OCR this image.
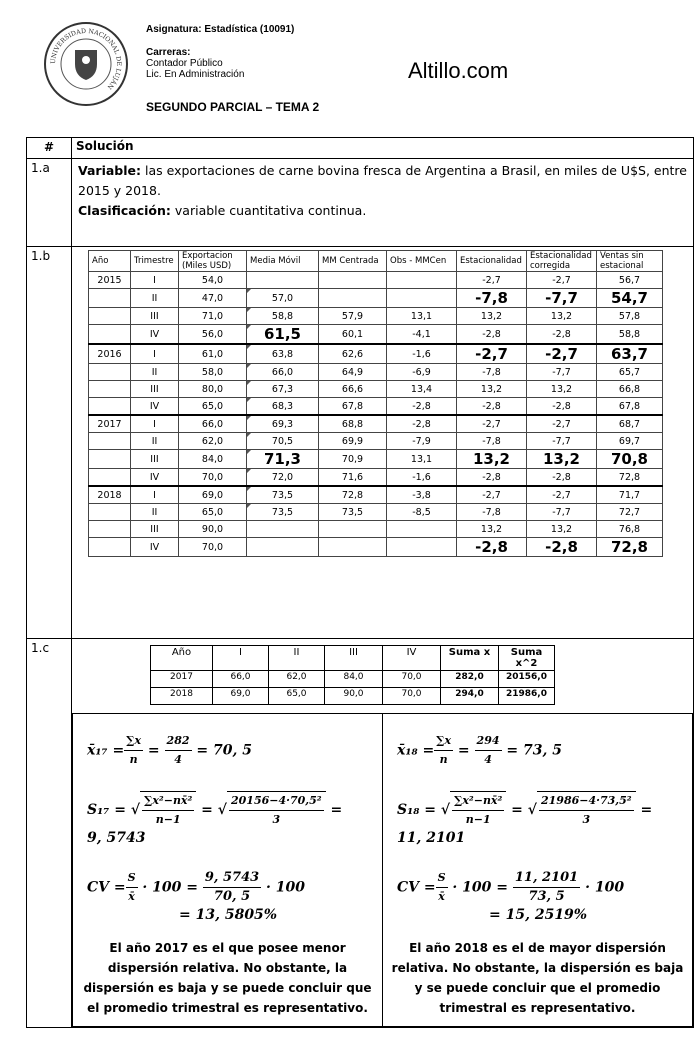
UNIVERSIDAD NACIONAL DE LUJÁN
Asignatura: Estadística (10091)
Carreras:
Contador Público
Lic. En Administración	Altillo.com
SEGUNDO PARCIAL – TEMA 2
#	Solución
1.a	Variable: las exportaciones de carne bovina fresca de Argentina a Brasil, en miles de U$S, entre 2015 y 2018.
Clasificación: variable cuantitativa continua.
1.b		Año	Trimestre	Exportacion (Miles USD)	Media Móvil	MM Centrada	Obs - MMCen	Estacionalidad	Estacionalidad corregida	Ventas sin estacional
2015	I	54,0				-2,7	-2,7	56,7
	II	47,0	57,0			-7,8	-7,7	54,7
	III	71,0	58,8	57,9	13,1	13,2	13,2	57,8
	IV	56,0	61,5	60,1	-4,1	-2,8	-2,8	58,8
2016	I	61,0	63,8	62,6	-1,6	-2,7	-2,7	63,7
	II	58,0	66,0	64,9	-6,9	-7,8	-7,7	65,7
	III	80,0	67,3	66,6	13,4	13,2	13,2	66,8
	IV	65,0	68,3	67,8	-2,8	-2,8	-2,8	67,8
2017	I	66,0	69,3	68,8	-2,8	-2,7	-2,7	68,7
	II	62,0	70,5	69,9	-7,9	-7,8	-7,7	69,7
	III	84,0	71,3	70,9	13,1	13,2	13,2	70,8
	IV	70,0	72,0	71,6	-1,6	-2,8	-2,8	72,8
2018	I	69,0	73,5	72,8	-3,8	-2,7	-2,7	71,7
	II	65,0	73,5	73,5	-8,5	-7,8	-7,7	72,7
	III	90,0				13,2	13,2	76,8
	IV	70,0				-2,8	-2,8	72,8

1.c		Año	I	II	III	IV	Suma x	Suma x^2
2017	66,0	62,0	84,0	70,0	282,0	20156,0
2018	69,0	65,0	90,0	70,0	294,0	21986,0
x̄₁₇ = $\frac{\sum x}{n} = \frac{282}{4} = 70$, 5
S₁₇ = √ $\frac{\text{∑x²−nx̄²}}{n-1}$ = √ $\frac{\text{20156−4·70,5²}}{3}$ =
9, 5743
CV = $\frac{S}{x̄} \cdot 100 = \frac{9, 5743}{70, 5} \cdot 100$
= 13, 5805%
El año 2017 es el que posee menor dispersión relativa. No obstante, la dispersión es baja y se puede concluir que el promedio trimestral es representativo.

x̄₁₈ = $\frac{\sum x}{n} = \frac{294}{4} = 73$, 5
S₁₈ = √ $\frac{\text{∑x²−nx̄²}}{n-1}$ = √ $\frac{\text{21986−4·73,5²}}{3}$ =
11, 2101
CV = $\frac{S}{x̄} \cdot 100 = \frac{11, 2101}{73, 5} \cdot 100$
= 15, 2519%
El año 2018 es el de mayor dispersión relativa. No obstante, la dispersión es baja y se puede concluir que el promedio trimestral es representativo.
